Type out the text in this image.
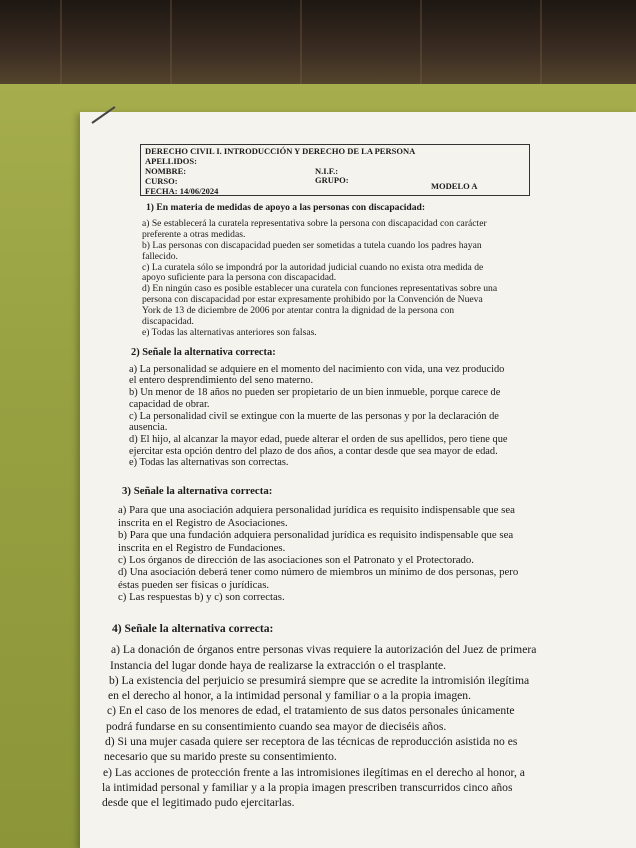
DERECHO CIVIL I. INTRODUCCIÓN Y DERECHO DE LA PERSONA
APELLIDOS:
NOMBRE:
CURSO:
FECHA: 14/06/2024
N.I.F.:
GRUPO:
MODELO A
1) En materia de medidas de apoyo a las personas con discapacidad:
a) Se establecerá la curatela representativa sobre la persona con discapacidad con carácter
preferente a otras medidas.
b) Las personas con discapacidad pueden ser sometidas a tutela cuando los padres hayan
fallecido.
c) La curatela sólo se impondrá por la autoridad judicial cuando no exista otra medida de
apoyo suficiente para la persona con discapacidad.
d) En ningún caso es posible establecer una curatela con funciones representativas sobre una
persona con discapacidad por estar expresamente prohibido por la Convención de Nueva
York de 13 de diciembre de 2006 por atentar contra la dignidad de la persona con
discapacidad.
e) Todas las alternativas anteriores son falsas.
2) Señale la alternativa correcta:
a) La personalidad se adquiere en el momento del nacimiento con vida, una vez producido
el entero desprendimiento del seno materno.
b) Un menor de 18 años no pueden ser propietario de un bien inmueble, porque carece de
capacidad de obrar.
c) La personalidad civil se extingue con la muerte de las personas y por la declaración de
ausencia.
d) El hijo, al alcanzar la mayor edad, puede alterar el orden de sus apellidos, pero tiene que
ejercitar esta opción dentro del plazo de dos años, a contar desde que sea mayor de edad.
e) Todas las alternativas son correctas.
3) Señale la alternativa correcta:
a) Para que una asociación adquiera personalidad jurídica es requisito indispensable que sea
inscrita en el Registro de Asociaciones.
b) Para que una fundación adquiera personalidad jurídica es requisito indispensable que sea
inscrita en el Registro de Fundaciones.
c) Los órganos de dirección de las asociaciones son el Patronato y el Protectorado.
d) Una asociación deberá tener como número de miembros un mínimo de dos personas, pero
éstas pueden ser físicas o jurídicas.
c) Las respuestas b) y c) son correctas.
4) Señale la alternativa correcta:
a) La donación de órganos entre personas vivas requiere la autorización del Juez de primera
Instancia del lugar donde haya de realizarse la extracción o el trasplante.
b) La existencia del perjuicio se presumirá siempre que se acredite la intromisión ilegítima
en el derecho al honor, a la intimidad personal y familiar o a la propia imagen.
c) En el caso de los menores de edad, el tratamiento de sus datos personales únicamente
podrá fundarse en su consentimiento cuando sea mayor de dieciséis años.
d) Si una mujer casada quiere ser receptora de las técnicas de reproducción asistida no es
necesario que su marido preste su consentimiento.
e) Las acciones de protección frente a las intromisiones ilegítimas en el derecho al honor, a
la intimidad personal y familiar y a la propia imagen prescriben transcurridos cinco años
desde que el legitimado pudo ejercitarlas.
